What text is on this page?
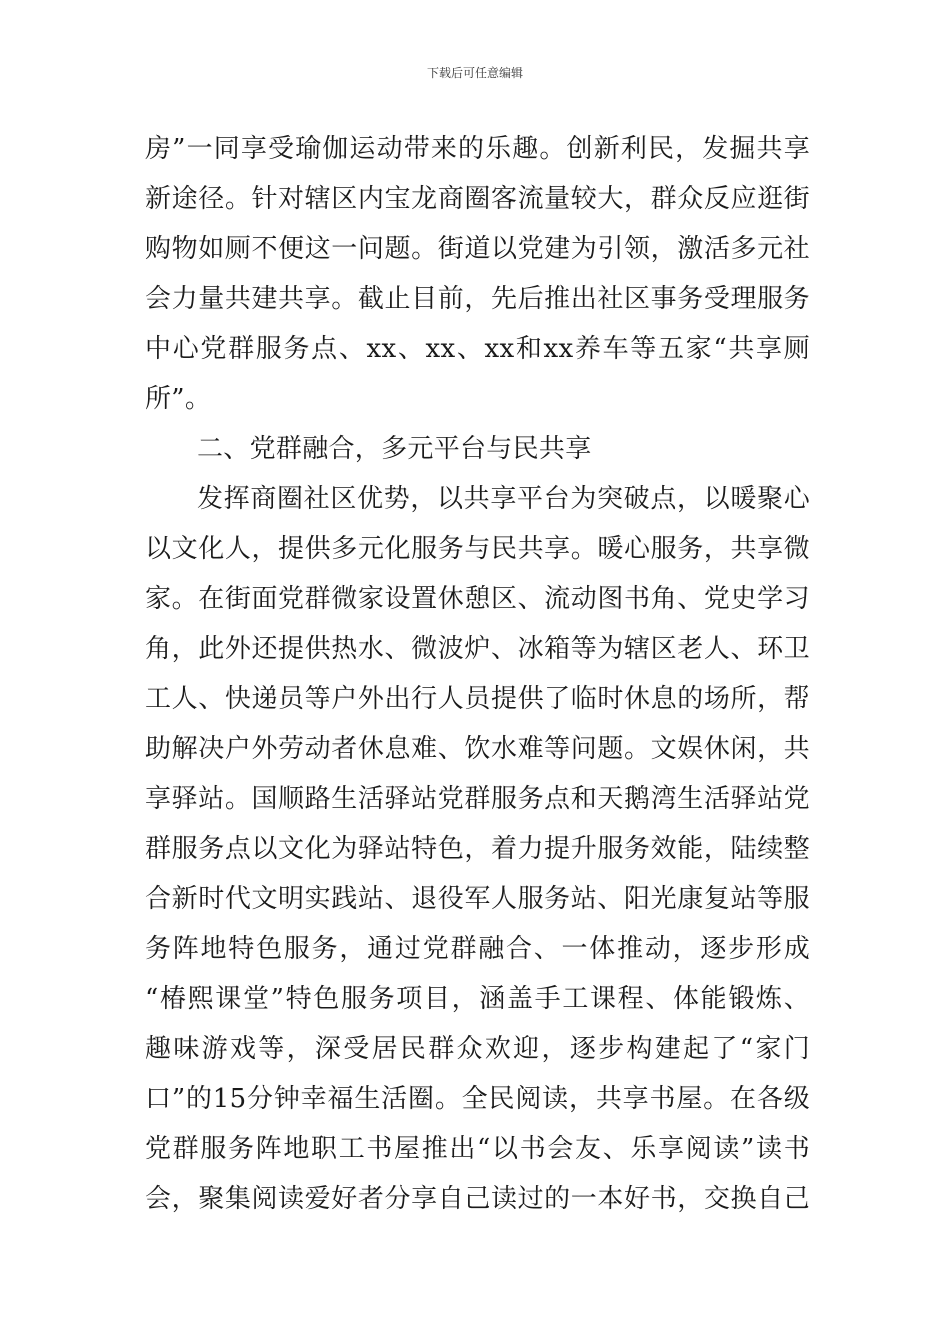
下载后可任意编辑
房”一同享受瑜伽运动带来的乐趣。创新利民，发掘共享
新途径。针对辖区内宝龙商圈客流量较大，群众反应逛街
购物如厕不便这一问题。街道以党建为引领，激活多元社
会力量共建共享。截止目前，先后推出社区事务受理服务
中心党群服务点、xx、xx、xx和xx养车等五家“共享厕
所”。
二、党群融合，多元平台与民共享
发挥商圈社区优势，以共享平台为突破点，以暖聚心
以文化人，提供多元化服务与民共享。暖心服务，共享微
家。在街面党群微家设置休憩区、流动图书角、党史学习
角，此外还提供热水、微波炉、冰箱等为辖区老人、环卫
工人、快递员等户外出行人员提供了临时休息的场所，帮
助解决户外劳动者休息难、饮水难等问题。文娱休闲，共
享驿站。国顺路生活驿站党群服务点和天鹅湾生活驿站党
群服务点以文化为驿站特色，着力提升服务效能，陆续整
合新时代文明实践站、退役军人服务站、阳光康复站等服
务阵地特色服务，通过党群融合、一体推动，逐步形成
“椿熙课堂”特色服务项目，涵盖手工课程、体能锻炼、
趣味游戏等，深受居民群众欢迎，逐步构建起了“家门
口”的15分钟幸福生活圈。全民阅读，共享书屋。在各级
党群服务阵地职工书屋推出“以书会友、乐享阅读”读书
会，聚集阅读爱好者分享自己读过的一本好书，交换自己
